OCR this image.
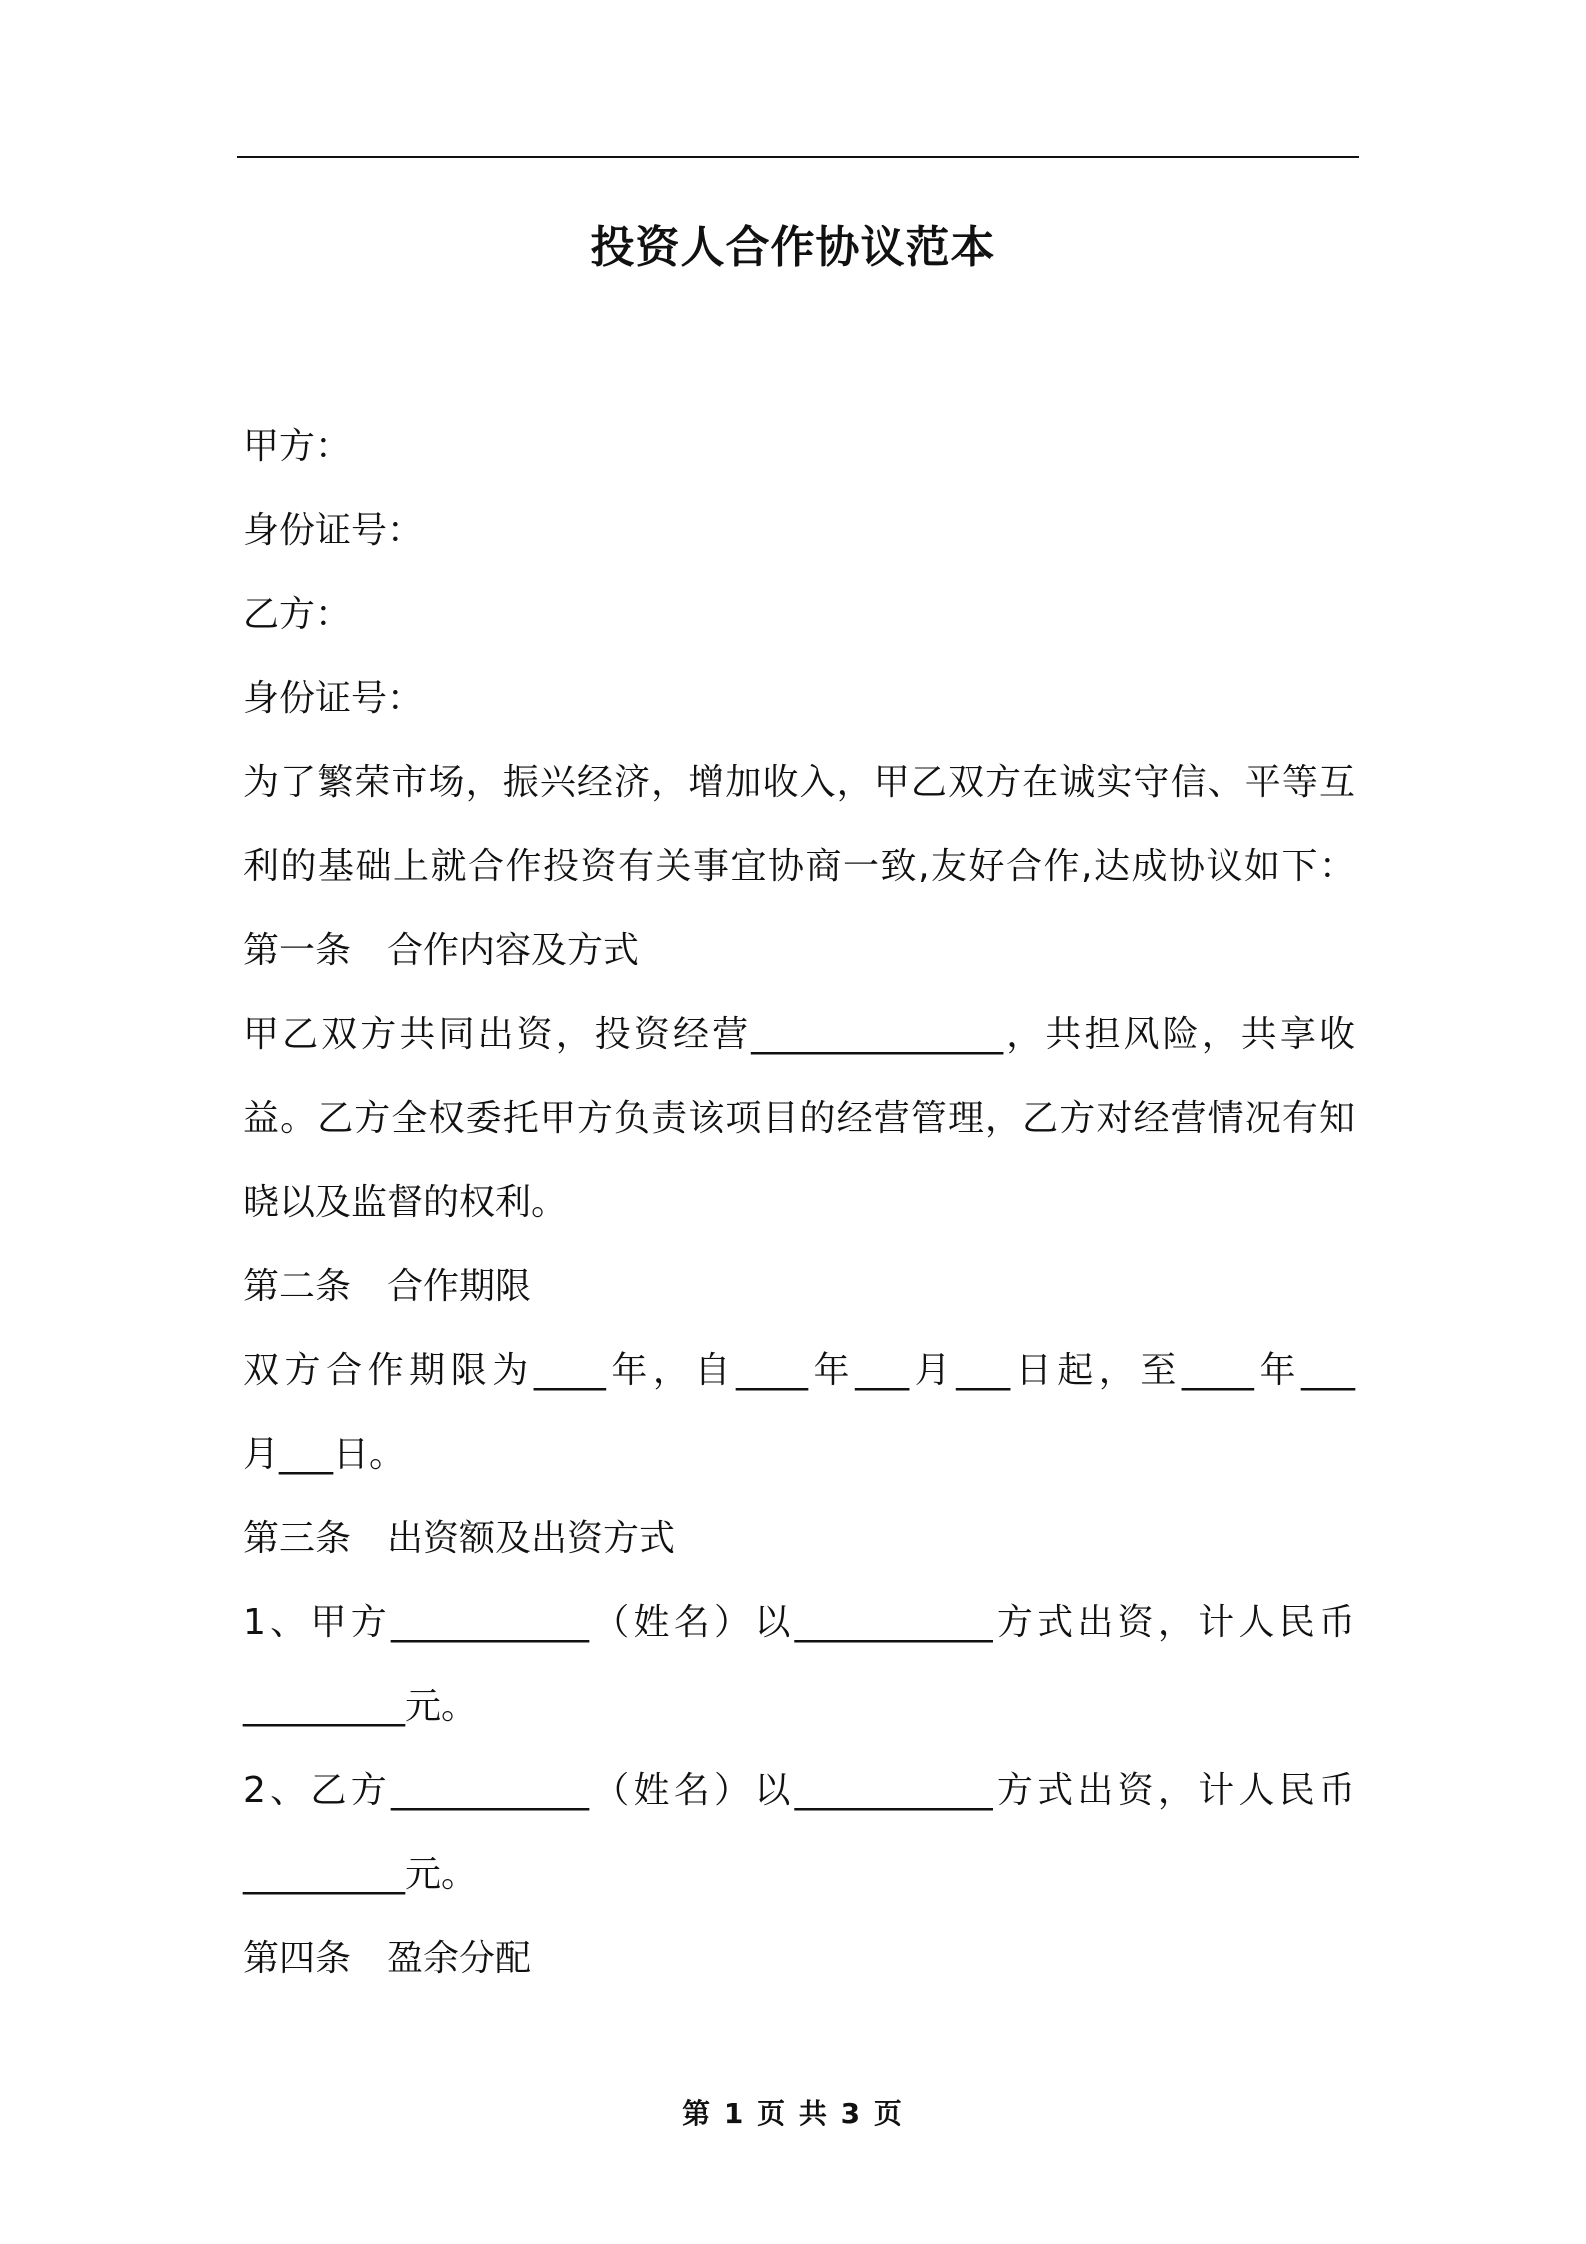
投资人合作协议范本
甲方：
身份证号：
乙方：
身份证号：
为了繁荣市场，振兴经济，增加收入，甲乙双方在诚实守信、平等互
利的基础上就合作投资有关事宜协商一致,友好合作,达成协议如下：
第一条 合作内容及方式
甲乙双方共同出资，投资经营______________，共担风险，共享收
益。乙方全权委托甲方负责该项目的经营管理，乙方对经营情况有知
晓以及监督的权利。
第二条 合作期限
双方合作期限为____年，自____年___月___日起，至____年___
月___日。
第三条 出资额及出资方式
1、甲方___________（姓名）以___________方式出资，计人民币
_________元。
2、乙方___________（姓名）以___________方式出资，计人民币
_________元。
第四条 盈余分配
第 1 页 共 3 页
